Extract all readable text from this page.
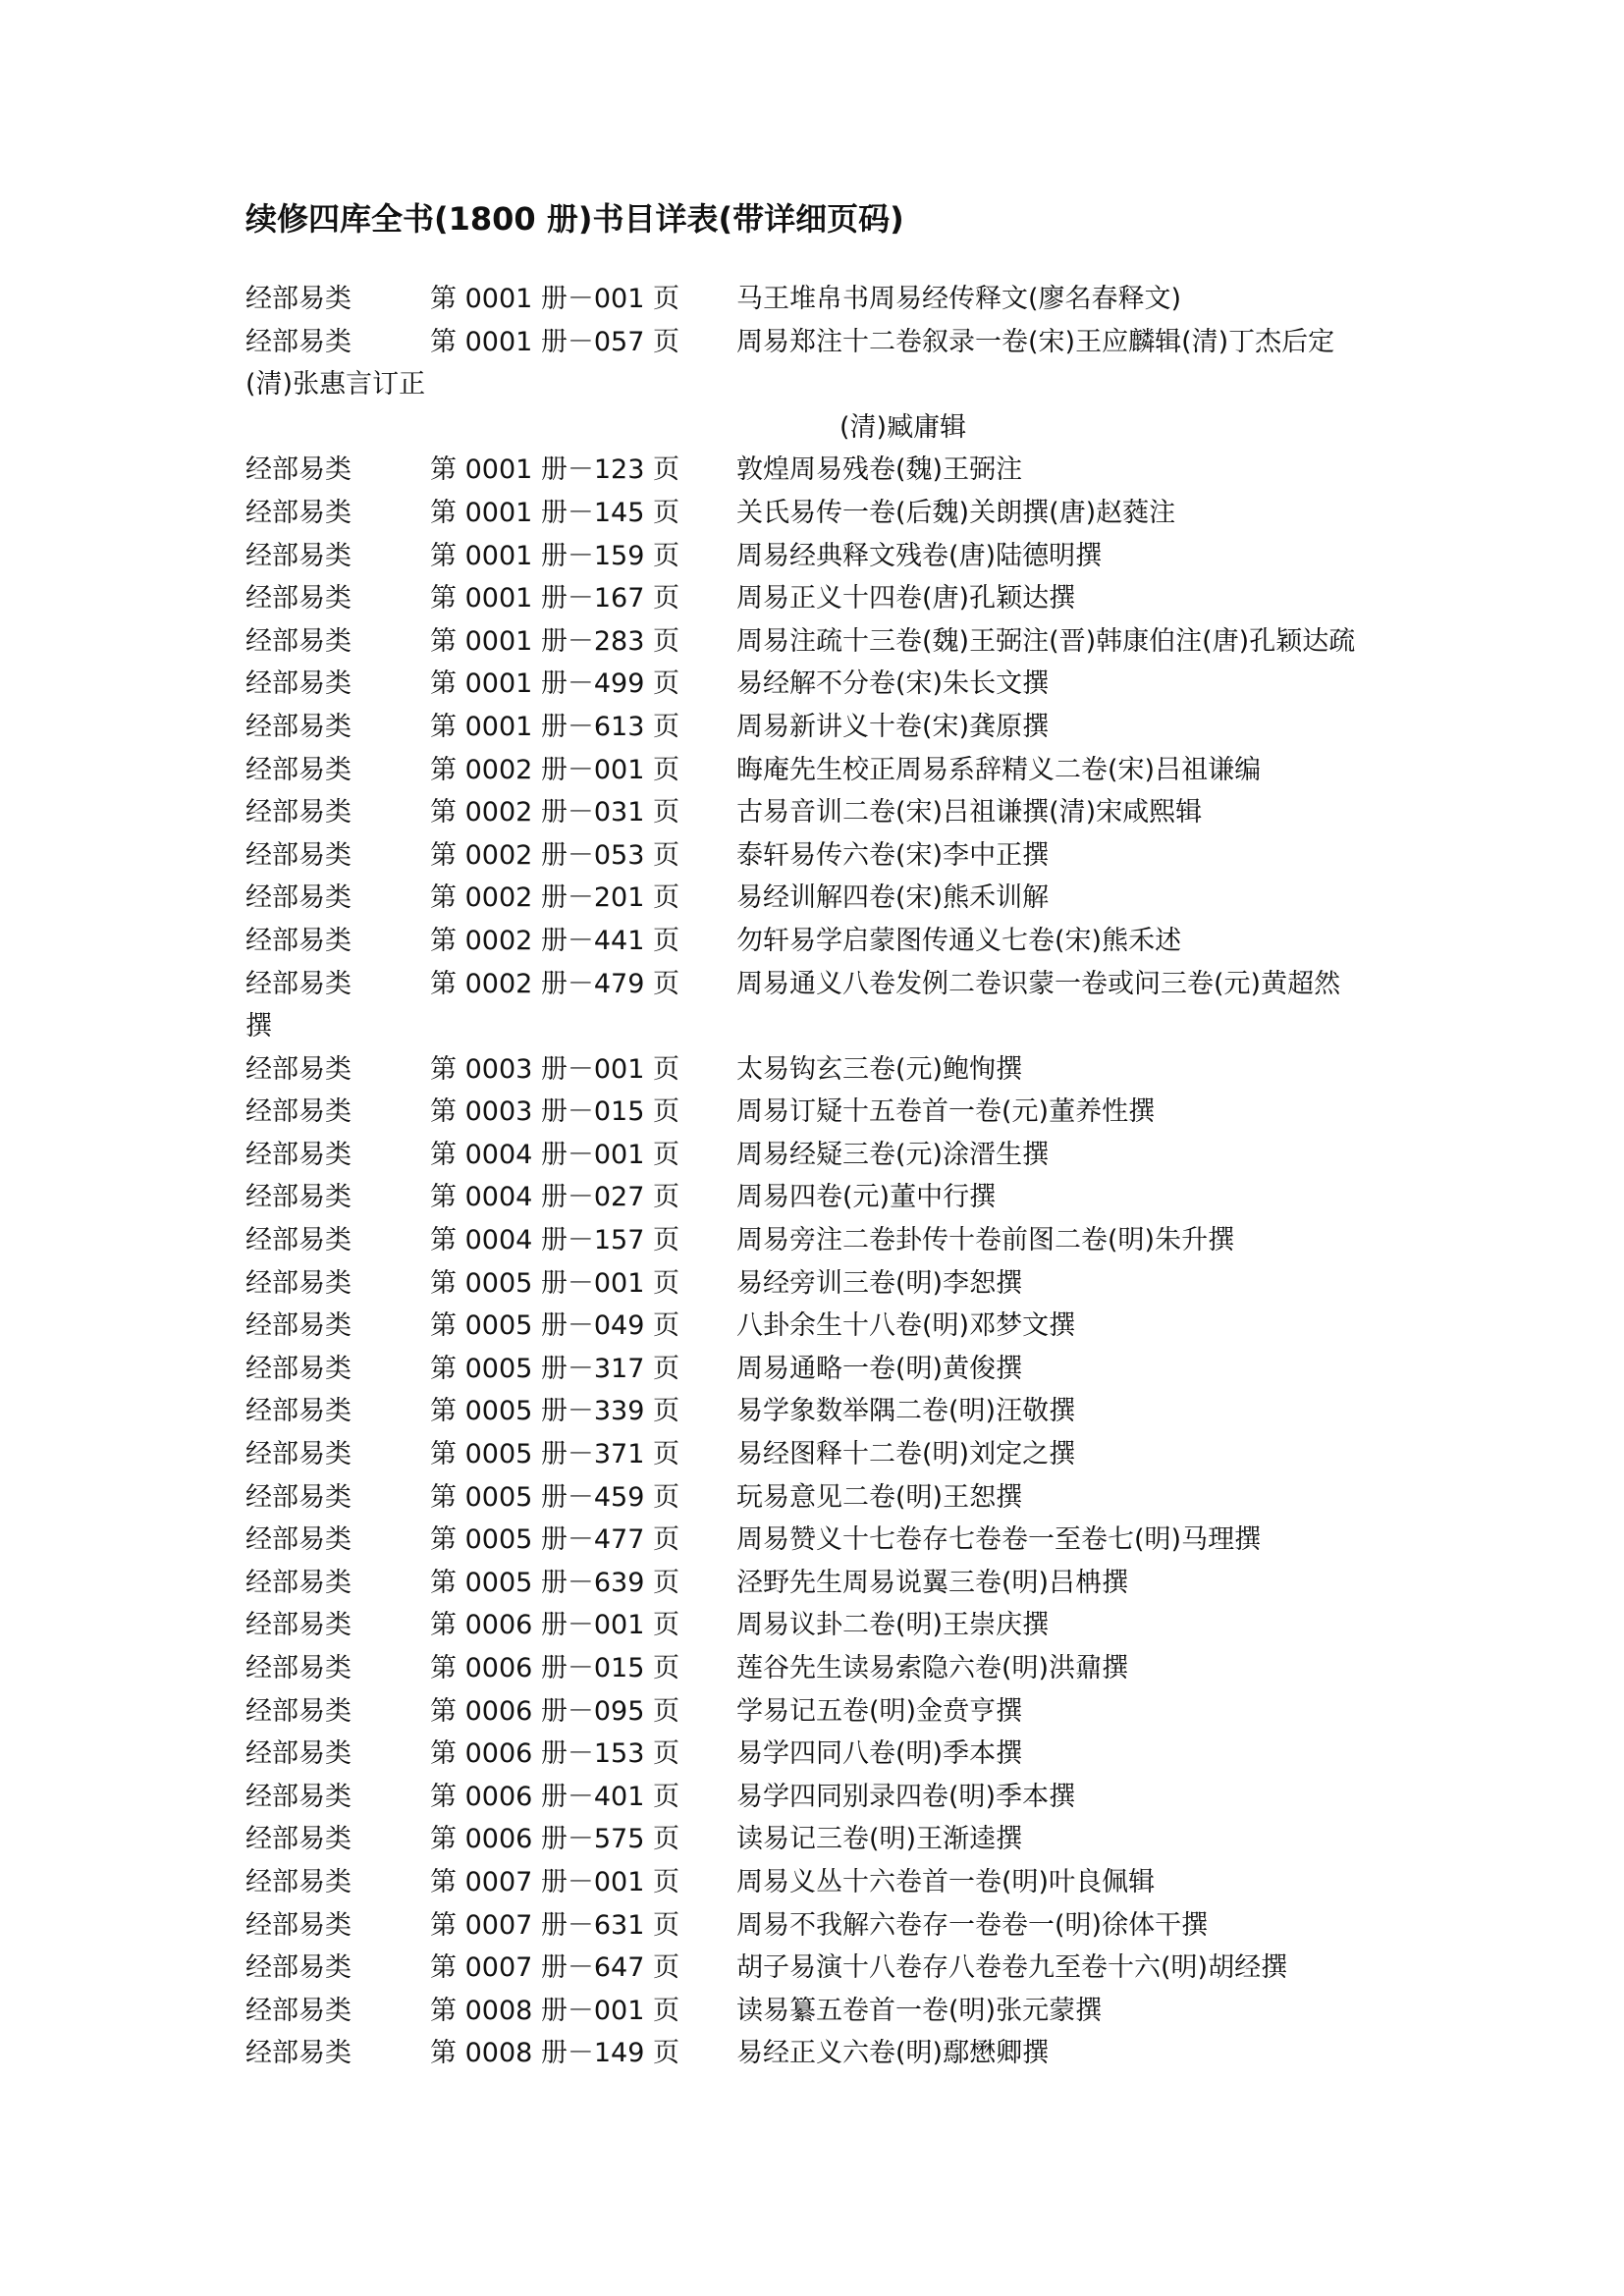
续修四库全书(1800 册)书目详表(带详细页码)
经部易类	第 0001 册－001 页 马王堆帛书周易经传释文(廖名春释文)
经部易类	第 0001 册－057 页 周易郑注十二卷叙录一卷(宋)王应麟辑(清)丁杰后定
(清)张惠言订正
(清)臧庸辑
经部易类	第 0001 册－123 页 敦煌周易残卷(魏)王弼注
经部易类	第 0001 册－145 页 关氏易传一卷(后魏)关朗撰(唐)赵蕤注
经部易类	第 0001 册－159 页 周易经典释文残卷(唐)陆德明撰
经部易类	第 0001 册－167 页 周易正义十四卷(唐)孔颖达撰
经部易类	第 0001 册－283 页 周易注疏十三卷(魏)王弼注(晋)韩康伯注(唐)孔颖达疏
经部易类	第 0001 册－499 页 易经解不分卷(宋)朱长文撰
经部易类	第 0001 册－613 页 周易新讲义十卷(宋)龚原撰
经部易类	第 0002 册－001 页 晦庵先生校正周易系辞精义二卷(宋)吕祖谦编
经部易类	第 0002 册－031 页 古易音训二卷(宋)吕祖谦撰(清)宋咸熙辑
经部易类	第 0002 册－053 页 泰轩易传六卷(宋)李中正撰
经部易类	第 0002 册－201 页 易经训解四卷(宋)熊禾训解
经部易类	第 0002 册－441 页 勿轩易学启蒙图传通义七卷(宋)熊禾述
经部易类	第 0002 册－479 页 周易通义八卷发例二卷识蒙一卷或问三卷(元)黄超然
撰
经部易类	第 0003 册－001 页 太易钩玄三卷(元)鲍恂撰
经部易类	第 0003 册－015 页 周易订疑十五卷首一卷(元)董养性撰
经部易类	第 0004 册－001 页 周易经疑三卷(元)涂溍生撰
经部易类	第 0004 册－027 页 周易四卷(元)董中行撰
经部易类	第 0004 册－157 页 周易旁注二卷卦传十卷前图二卷(明)朱升撰
经部易类	第 0005 册－001 页 易经旁训三卷(明)李恕撰
经部易类	第 0005 册－049 页 八卦余生十八卷(明)邓梦文撰
经部易类	第 0005 册－317 页 周易通略一卷(明)黄俊撰
经部易类	第 0005 册－339 页 易学象数举隅二卷(明)汪敬撰
经部易类	第 0005 册－371 页 易经图释十二卷(明)刘定之撰
经部易类	第 0005 册－459 页 玩易意见二卷(明)王恕撰
经部易类	第 0005 册－477 页 周易赞义十七卷存七卷卷一至卷七(明)马理撰
经部易类	第 0005 册－639 页 泾野先生周易说翼三卷(明)吕柟撰
经部易类	第 0006 册－001 页 周易议卦二卷(明)王崇庆撰
经部易类	第 0006 册－015 页 莲谷先生读易索隐六卷(明)洪鼐撰
经部易类	第 0006 册－095 页 学易记五卷(明)金贲亨撰
经部易类	第 0006 册－153 页 易学四同八卷(明)季本撰
经部易类	第 0006 册－401 页 易学四同别录四卷(明)季本撰
经部易类	第 0006 册－575 页 读易记三卷(明)王渐逵撰
经部易类	第 0007 册－001 页 周易义丛十六卷首一卷(明)叶良佩辑
经部易类	第 0007 册－631 页 周易不我解六卷存一卷卷一(明)徐体干撰
经部易类	第 0007 册－647 页 胡子易演十八卷存八卷卷九至卷十六(明)胡经撰
经部易类	第 0008 册－001 页 读易纂五卷首一卷(明)张元蒙撰
经部易类	第 0008 册－149 页 易经正义六卷(明)鄢懋卿撰
